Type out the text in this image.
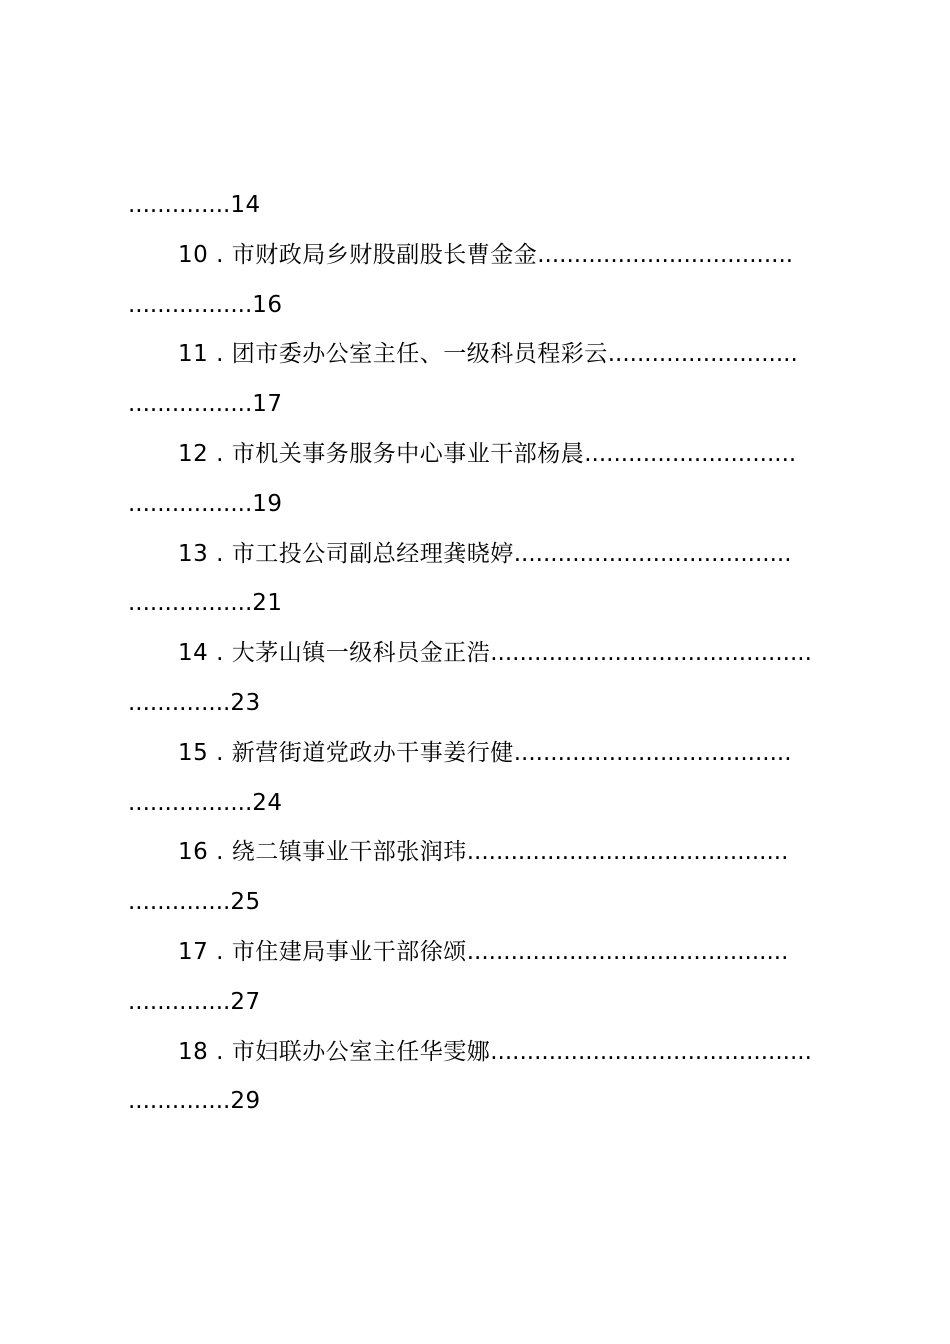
..............14
10 . 市财政局乡财股副股长曹金金...................................
.................16
11 . 团市委办公室主任、一级科员程彩云..........................
.................17
12 . 市机关事务服务中心事业干部杨晨.............................
.................19
13 . 市工投公司副总经理龚晓婷......................................
.................21
14 . 大茅山镇一级科员金正浩............................................
..............23
15 . 新营街道党政办干事姜行健......................................
.................24
16 . 绕二镇事业干部张润玮............................................
..............25
17 . 市住建局事业干部徐颂............................................
..............27
18 . 市妇联办公室主任华雯娜............................................
..............29
